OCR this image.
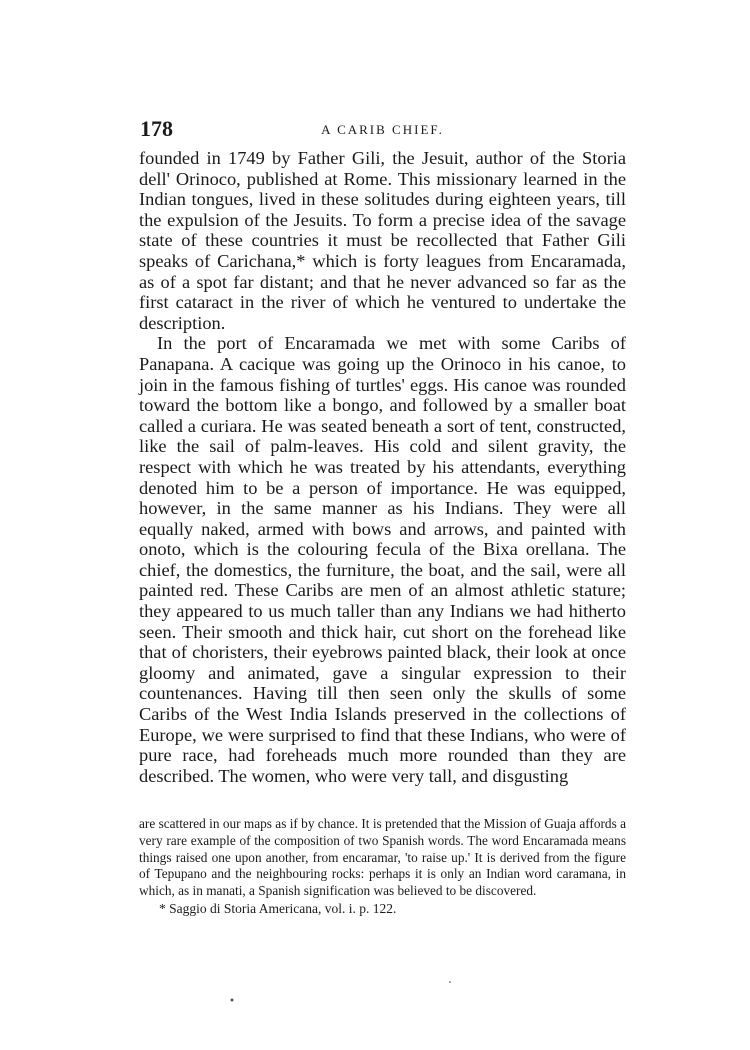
178	A CARIB CHIEF.

founded in 1749 by Father Gili, the Jesuit, author of the Storia dell' Orinoco, published at Rome. This missionary learned in the Indian tongues, lived in these solitudes during eighteen years, till the expulsion of the Jesuits. To form a precise idea of the savage state of these countries it must be recollected that Father Gili speaks of Carichana,* which is forty leagues from Encaramada, as of a spot far distant; and that he never advanced so far as the first cataract in the river of which he ventured to undertake the description.

In the port of Encaramada we met with some Caribs of Panapana. A cacique was going up the Orinoco in his canoe, to join in the famous fishing of turtles' eggs. His canoe was rounded toward the bottom like a bongo, and followed by a smaller boat called a curiara. He was seated beneath a sort of tent, constructed, like the sail of palm-leaves. His cold and silent gravity, the respect with which he was treated by his attendants, everything denoted him to be a person of importance. He was equipped, however, in the same manner as his Indians. They were all equally naked, armed with bows and arrows, and painted with onoto, which is the colouring fecula of the Bixa orellana. The chief, the domestics, the furniture, the boat, and the sail, were all painted red. These Caribs are men of an almost athletic stature; they appeared to us much taller than any Indians we had hitherto seen. Their smooth and thick hair, cut short on the forehead like that of choristers, their eyebrows painted black, their look at once gloomy and animated, gave a singular expression to their countenances. Having till then seen only the skulls of some Caribs of the West India Islands preserved in the collections of Europe, we were surprised to find that these Indians, who were of pure race, had foreheads much more rounded than they are described. The women, who were very tall, and disgusting

are scattered in our maps as if by chance. It is pretended that the Mission of Guaja affords a very rare example of the composition of two Spanish words. The word Encaramada means things raised one upon another, from encaramar, 'to raise up.' It is derived from the figure of Tepupano and the neighbouring rocks: perhaps it is only an Indian word caramana, in which, as in manati, a Spanish signification was believed to be discovered.

* Saggio di Storia Americana, vol. i. p. 122.
